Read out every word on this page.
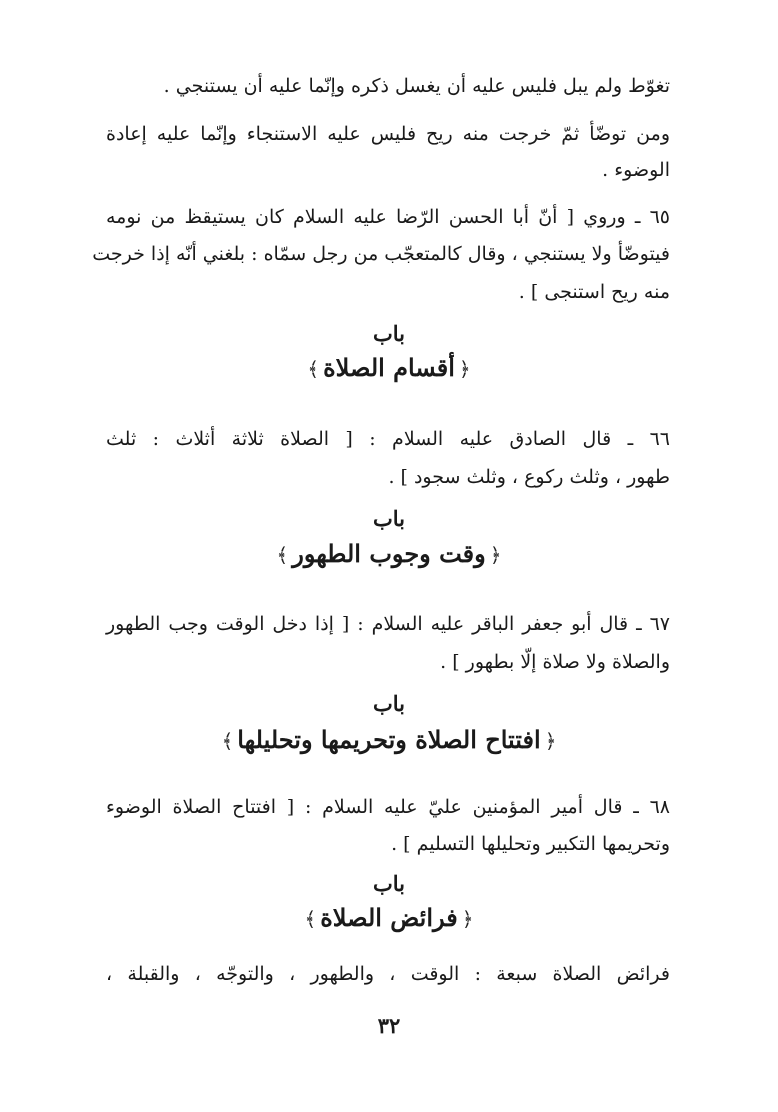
تغوّط ولم يبل فليس عليه أن يغسل ذكره وإنّما عليه أن يستنجي .
ومن توضّأ ثمّ خرجت منه ريح فليس عليه الاستنجاء وإنّما عليه إعادة
الوضوء .
٦٥ ـ وروي [ أنّ أبا الحسن الرّضا عليه السلام كان يستيقظ من نومه
فيتوضّأ ولا يستنجي ، وقال كالمتعجّب من رجل سمّاه : بلغني أنّه إذا خرجت
منه ريح استنجى ] .
باب
﴿أقسام الصلاة﴾
٦٦ ـ قال الصادق عليه السلام : [ الصلاة ثلاثة أثلاث : ثلث
طهور ، وثلث ركوع ، وثلث سجود ] .
باب
﴿وقت وجوب الطهور﴾
٦٧ ـ قال أبو جعفر الباقر عليه السلام : [ إذا دخل الوقت وجب الطهور
والصلاة ولا صلاة إلّا بطهور ] .
باب
﴿افتتاح الصلاة وتحريمها وتحليلها﴾
٦٨ ـ قال أمير المؤمنين عليّ عليه السلام : [ افتتاح الصلاة الوضوء
وتحريمها التكبير وتحليلها التسليم ] .
باب
﴿فرائض الصلاة﴾
فرائض الصلاة سبعة : الوقت ، والطهور ، والتوجّه ، والقبلة ،
٣٢
